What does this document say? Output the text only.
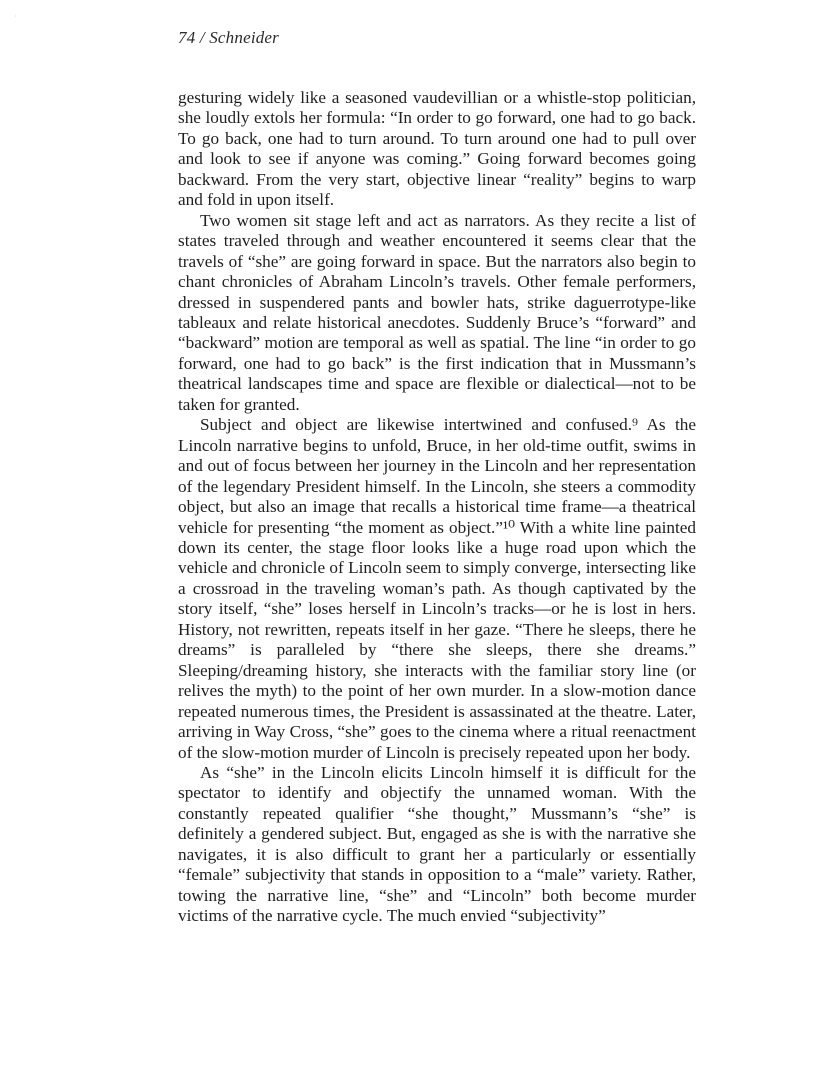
·
74 / Schneider

gesturing widely like a seasoned vaudevillian or a whistle-stop politician, she loudly extols her formula: “In order to go forward, one had to go back. To go back, one had to turn around. To turn around one had to pull over and look to see if anyone was coming.” Going forward becomes going backward. From the very start, objective linear “reality” begins to warp and fold in upon itself.

Two women sit stage left and act as narrators. As they recite a list of states traveled through and weather encountered it seems clear that the travels of “she” are going forward in space. But the narrators also begin to chant chronicles of Abraham Lincoln’s travels. Other female performers, dressed in suspendered pants and bowler hats, strike daguerrotype-like tableaux and relate historical anecdotes. Suddenly Bruce’s “forward” and “backward” motion are temporal as well as spatial. The line “in order to go forward, one had to go back” is the first indication that in Mussmann’s theatrical landscapes time and space are flexible or dialectical—not to be taken for granted.

Subject and object are likewise intertwined and confused.⁹ As the Lincoln narrative begins to unfold, Bruce, in her old-time outfit, swims in and out of focus between her journey in the Lincoln and her representation of the legendary President himself. In the Lincoln, she steers a commodity object, but also an image that recalls a historical time frame—a theatrical vehicle for presenting “the moment as object.”¹⁰ With a white line painted down its center, the stage floor looks like a huge road upon which the vehicle and chronicle of Lincoln seem to simply converge, intersecting like a crossroad in the traveling woman’s path. As though captivated by the story itself, “she” loses herself in Lincoln’s tracks—or he is lost in hers. History, not rewritten, repeats itself in her gaze. “There he sleeps, there he dreams” is paralleled by “there she sleeps, there she dreams.” Sleeping/dreaming history, she interacts with the familiar story line (or relives the myth) to the point of her own murder. In a slow-motion dance repeated numerous times, the President is assassinated at the theatre. Later, arriving in Way Cross, “she” goes to the cinema where a ritual reenactment of the slow-motion murder of Lincoln is precisely repeated upon her body.

As “she” in the Lincoln elicits Lincoln himself it is difficult for the spectator to identify and objectify the unnamed woman. With the constantly repeated qualifier “she thought,” Mussmann’s “she” is definitely a gendered subject. But, engaged as she is with the narrative she navigates, it is also difficult to grant her a particularly or essentially “female” subjectivity that stands in opposition to a “male” variety. Rather, towing the narrative line, “she” and “Lincoln” both become murder victims of the narrative cycle. The much envied “subjectivity”
